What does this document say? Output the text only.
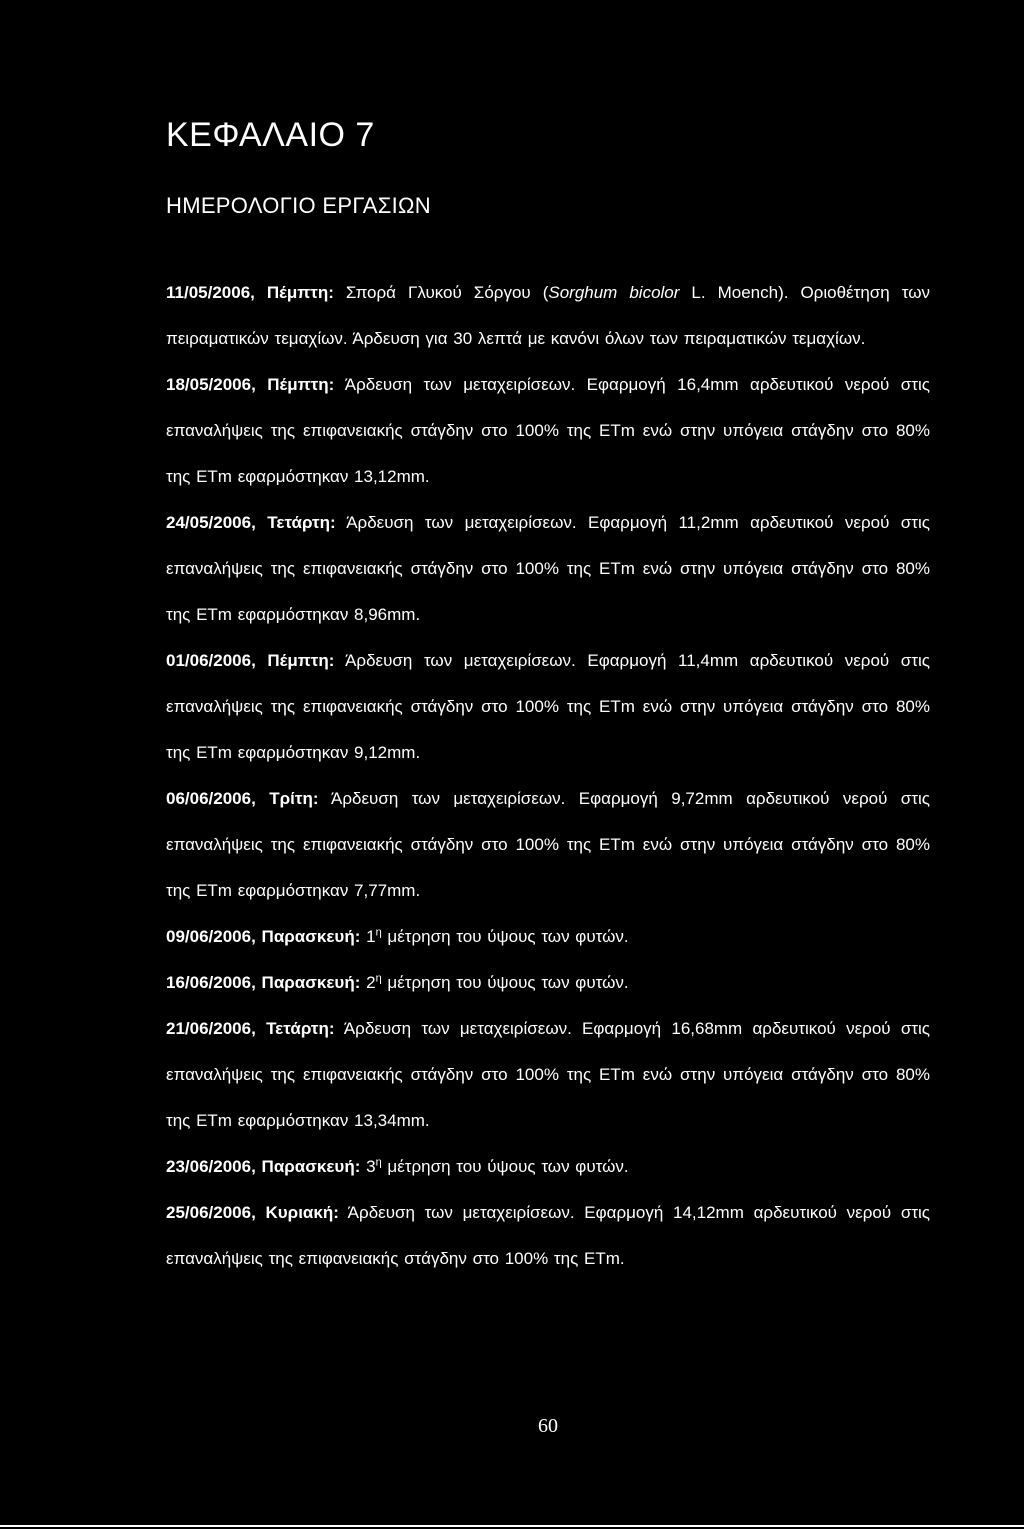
ΚΕΦΑΛΑΙΟ 7
ΗΜΕΡΟΛΟΓΙΟ ΕΡΓΑΣΙΩΝ

11/05/2006, Πέμπτη: Σπορά Γλυκού Σόργου (Sorghum bicolor L. Moench). Οριοθέτηση των πειραματικών τεμαχίων. Άρδευση για 30 λεπτά με κανόνι όλων των πειραματικών τεμαχίων.

18/05/2006, Πέμπτη: Άρδευση των μεταχειρίσεων. Εφαρμογή 16,4mm αρδευτικού νερού στις επαναλήψεις της επιφανειακής στάγδην στο 100% της ETm ενώ στην υπόγεια στάγδην στο 80% της ETm εφαρμόστηκαν 13,12mm.

24/05/2006, Τετάρτη: Άρδευση των μεταχειρίσεων. Εφαρμογή 11,2mm αρδευτικού νερού στις επαναλήψεις της επιφανειακής στάγδην στο 100% της ETm ενώ στην υπόγεια στάγδην στο 80% της ETm εφαρμόστηκαν 8,96mm.

01/06/2006, Πέμπτη: Άρδευση των μεταχειρίσεων. Εφαρμογή 11,4mm αρδευτικού νερού στις επαναλήψεις της επιφανειακής στάγδην στο 100% της ETm ενώ στην υπόγεια στάγδην στο 80% της ETm εφαρμόστηκαν 9,12mm.

06/06/2006, Τρίτη: Άρδευση των μεταχειρίσεων. Εφαρμογή 9,72mm αρδευτικού νερού στις επαναλήψεις της επιφανειακής στάγδην στο 100% της ETm ενώ στην υπόγεια στάγδην στο 80% της ETm εφαρμόστηκαν 7,77mm.

09/06/2006, Παρασκευή: $1^\eta$ μέτρηση του ύψους των φυτών.

16/06/2006, Παρασκευή: $2^\eta$ μέτρηση του ύψους των φυτών.

21/06/2006, Τετάρτη: Άρδευση των μεταχειρίσεων. Εφαρμογή 16,68mm αρδευτικού νερού στις επαναλήψεις της επιφανειακής στάγδην στο 100% της ETm ενώ στην υπόγεια στάγδην στο 80% της ETm εφαρμόστηκαν 13,34mm.

23/06/2006, Παρασκευή: $3^\eta$ μέτρηση του ύψους των φυτών.

25/06/2006, Κυριακή: Άρδευση των μεταχειρίσεων. Εφαρμογή 14,12mm αρδευτικού νερού στις επαναλήψεις της επιφανειακής στάγδην στο 100% της ETm.

60
